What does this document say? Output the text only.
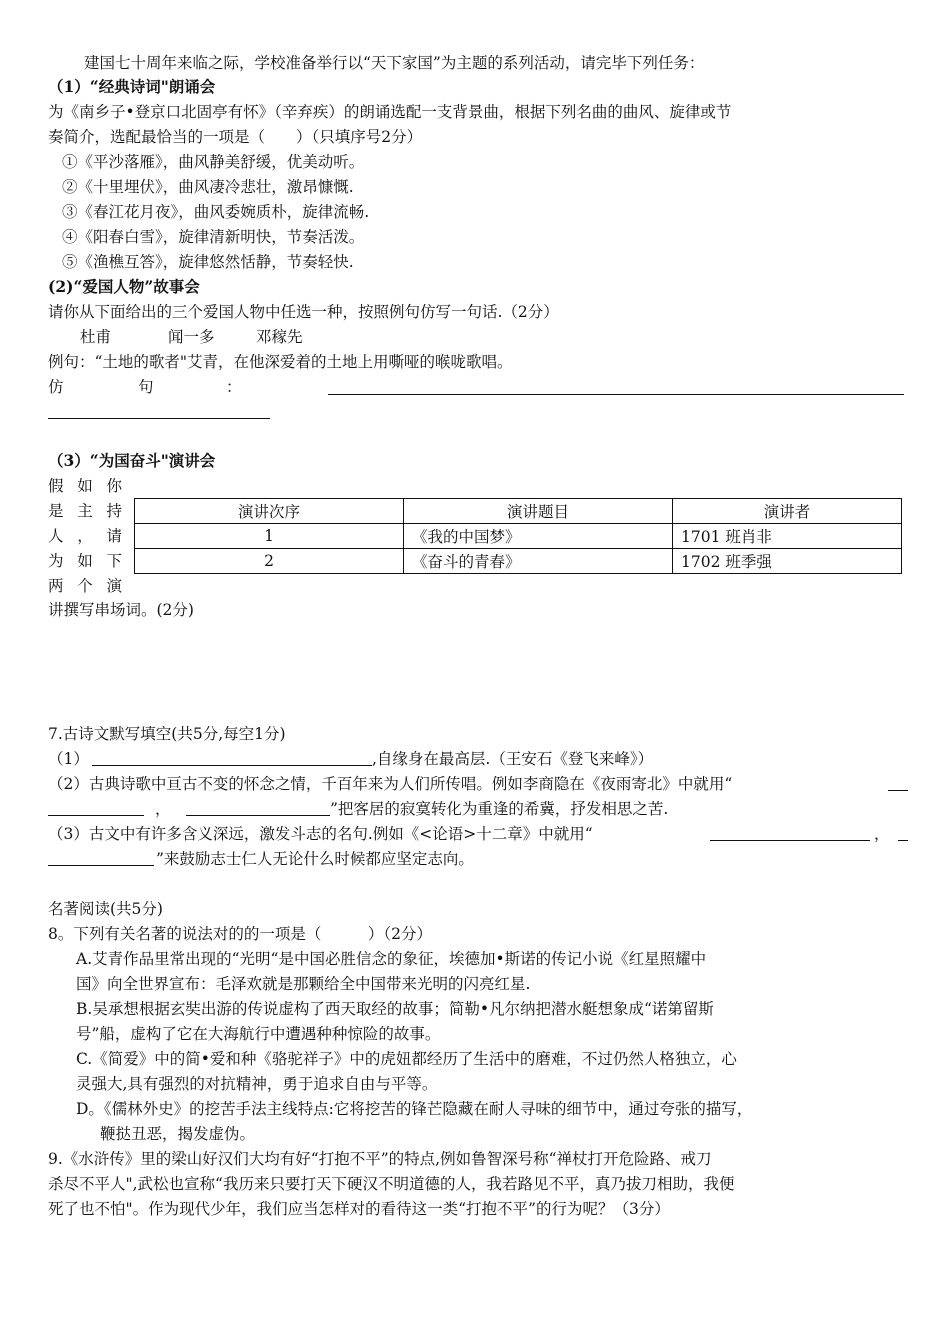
建国七十周年来临之际，学校准备举行以“天下家国”为主题的系列活动，请完毕下列任务：
（1）“经典诗词"朗诵会
为《南乡子•登京口北固亭有怀》（辛弃疾）的朗诵选配一支背景曲，根据下列名曲的曲风、旋律或节
奏简介，选配最恰当的一项是（　　）（只填序号2分）
①《平沙落雁》，曲风静美舒缓，优美动听。
②《十里埋伏》，曲风凄冷悲壮，激昂慷慨.
③《春江花月夜》，曲风委婉质朴，旋律流畅.
④《阳春白雪》，旋律清新明快，节奏活泼。
⑤《渔樵互答》，旋律悠然恬静，节奏轻快.
(2)“爱国人物”故事会
请你从下面给出的三个爱国人物中任选一种，按照例句仿写一句话.（2分）
杜甫	闻一多	邓稼先
例句：“土地的歌者"艾青，在他深爱着的土地上用嘶哑的喉咙歌唱。
仿	句	：
（3）“为国奋斗"演讲会
假如你
是主持
人，请
为如下
两个演
演讲次序	演讲题目	演讲者
1	《我的中国梦》	1701 班肖非
2	《奋斗的青春》	1702 班季强
讲撰写串场词。(2分)
7.古诗文默写填空(共5分,每空1分)
（1）	,自缘身在最高层.（王安石《登飞来峰》）
（2）古典诗歌中亘古不变的怀念之情，千百年来为人们所传唱。例如李商隐在《夜雨寄北》中就用“
，	”把客居的寂寞转化为重逢的希冀，抒发相思之苦.
（3）古文中有许多含义深远，激发斗志的名句.例如《<论语>十二章》中就用“	，
”来鼓励志士仁人无论什么时候都应坚定志向。
名著阅读(共5分)
8。下列有关名著的说法对的的一项是（　　　）（2分）
A.艾青作品里常出现的“光明“是中国必胜信念的象征，埃德加•斯诺的传记小说《红星照耀中
国》向全世界宣布：毛泽欢就是那颗给全中国带来光明的闪亮红星.
B.吴承想根据玄奘出游的传说虚构了西天取经的故事；简勒•凡尔纳把潜水艇想象成“诺第留斯
号”船，虚构了它在大海航行中遭遇种种惊险的故事。
C.《简爱》中的简•爱和种《骆驼祥子》中的虎妞都经历了生活中的磨难，不过仍然人格独立，心
灵强大,具有强烈的对抗精神，勇于追求自由与平等。
D。《儒林外史》的挖苦手法主线特点:它将挖苦的锋芒隐藏在耐人寻味的细节中，通过夸张的描写，
鞭挞丑恶，揭发虚伪。
9.《水浒传》里的梁山好汉们大均有好“打抱不平”的特点,例如鲁智深号称“禅杖打开危险路、戒刀
杀尽不平人",武松也宣称“我历来只要打天下硬汉不明道德的人，我若路见不平，真乃拔刀相助，我便
死了也不怕"。作为现代少年，我们应当怎样对的看待这一类“打抱不平”的行为呢？（3分）
